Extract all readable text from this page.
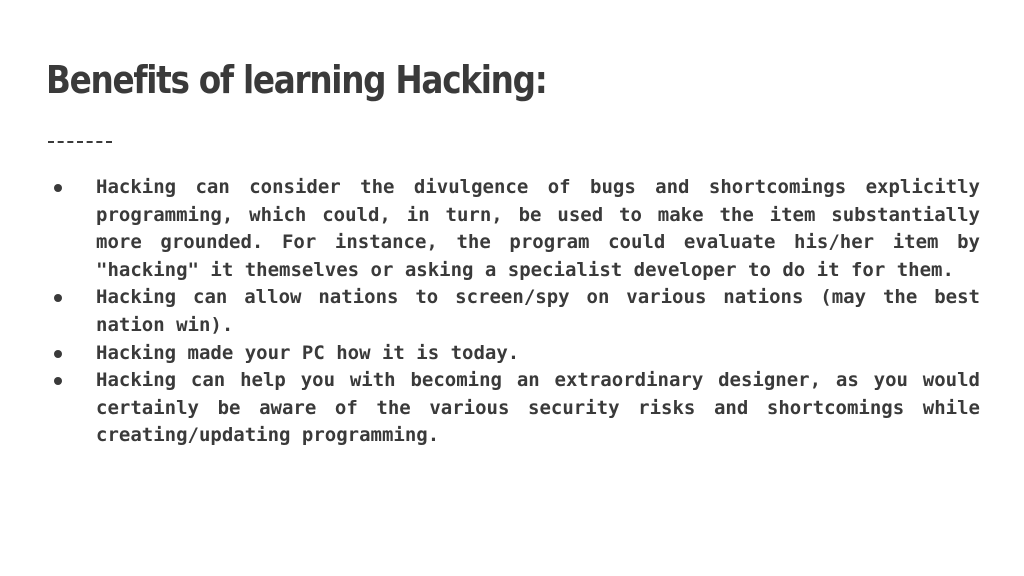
Benefits of learning Hacking:
Hacking can consider the divulgence of bugs and shortcomings explicitly programming, which could, in turn, be used to make the item substantially more grounded. For instance, the program could evaluate his/her item by "hacking" it themselves or asking a specialist developer to do it for them.
Hacking can allow nations to screen/spy on various nations (may the best nation win).
Hacking made your PC how it is today.
Hacking can help you with becoming an extraordinary designer, as you would certainly be aware of the various security risks and shortcomings while creating/updating programming.
